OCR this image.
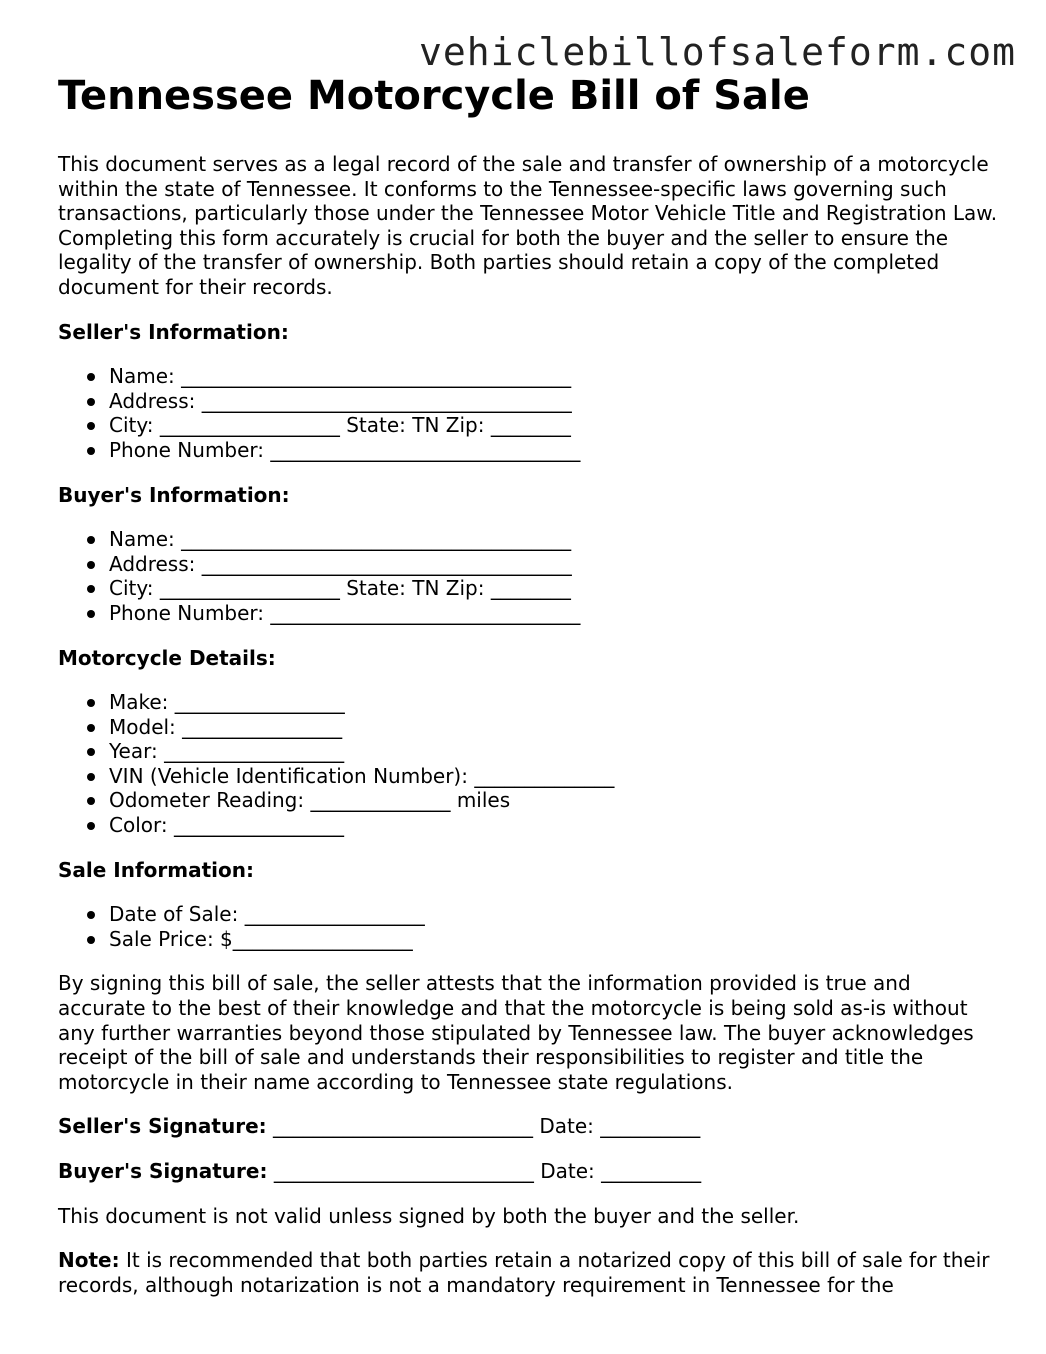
vehiclebillofsaleform.com
Tennessee Motorcycle Bill of Sale

This document serves as a legal record of the sale and transfer of ownership of a motorcycle within the state of Tennessee. It conforms to the Tennessee-specific laws governing such transactions, particularly those under the Tennessee Motor Vehicle Title and Registration Law. Completing this form accurately is crucial for both the buyer and the seller to ensure the legality of the transfer of ownership. Both parties should retain a copy of the completed document for their records.

Seller's Information:
Name: _______________________________________
Address: _____________________________________
City: __________________ State: TN Zip: ________
Phone Number: _______________________________
Buyer's Information:
Name: _______________________________________
Address: _____________________________________
City: __________________ State: TN Zip: ________
Phone Number: _______________________________
Motorcycle Details:
Make: _________________
Model: ________________
Year: __________________
VIN (Vehicle Identification Number): ______________
Odometer Reading: ______________ miles
Color: _________________
Sale Information:
Date of Sale: __________________
Sale Price: $__________________

By signing this bill of sale, the seller attests that the information provided is true and accurate to the best of their knowledge and that the motorcycle is being sold as-is without any further warranties beyond those stipulated by Tennessee law. The buyer acknowledges receipt of the bill of sale and understands their responsibilities to register and title the motorcycle in their name according to Tennessee state regulations.

Seller's Signature: __________________________ Date: __________
Buyer's Signature: __________________________ Date: __________

This document is not valid unless signed by both the buyer and the seller.

Note: It is recommended that both parties retain a notarized copy of this bill of sale for their records, although notarization is not a mandatory requirement in Tennessee for the
